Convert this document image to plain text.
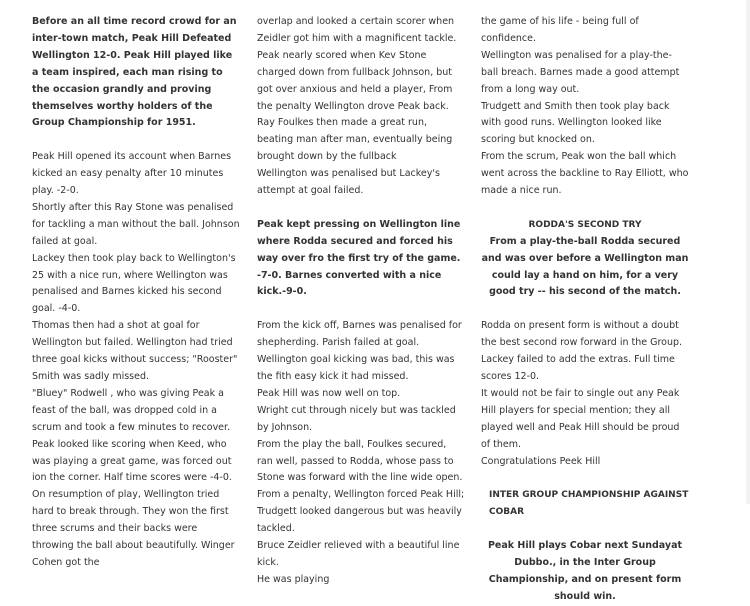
Before an all time record crowd for an inter-town match, Peak Hill Defeated Wellington 12-0. Peak Hill played like a team inspired, each man rising to the occasion grandly and proving themselves worthy holders of the Group Championship for 1951.

Peak Hill opened its account when Barnes kicked an easy penalty after 10 minutes play. -2-0.

Shortly after this Ray Stone was penalised for tackling a man without the ball. Johnson failed at goal.

Lackey then took play back to Wellington's 25 with a nice run, where Wellington was penalised and Barnes kicked his second goal. -4-0.

Thomas then had a shot at goal for Wellington but failed. Wellington had tried three goal kicks without success; "Rooster" Smith was sadly missed.

"Bluey" Rodwell , who was giving Peak a feast of the ball, was dropped cold in a scrum and took a few minutes to recover.

Peak looked like scoring when Keed, who was playing a great game, was forced out ion the corner. Half time scores were -4-0.

On resumption of play, Wellington tried hard to break through. They won the first three scrums and their backs were throwing the ball about beautifully. Winger Cohen got the

overlap and looked a certain scorer when Zeidler got him with a magnificent tackle.

Peak nearly scored when Kev Stone charged down from fullback Johnson, but got over anxious and held a player, From the penalty Wellington drove Peak back.

Ray Foulkes then made a great run, beating man after man, eventually being brought down by the fullback

Wellington was penalised but Lackey's attempt at goal failed.

Peak kept pressing on Wellington line where Rodda secured and forced his way over fro the first try of the game. -7-0. Barnes converted with a nice kick.-9-0.

From the kick off, Barnes was penalised for shepherding. Parish failed at goal.

Wellington goal kicking was bad, this was the fith easy kick it had missed.

Peak Hill was now well on top.

Wright cut through nicely but was tackled by Johnson.

From the play the ball, Foulkes secured, ran well, passed to Rodda, whose pass to Stone was forward with the line wide open.

From a penalty, Wellington forced Peak Hill;

Trudgett looked dangerous but was heavily tackled.

Bruce Zeidler relieved with a beautiful line kick.

He was playing

the game of his life - being full of confidence.

Wellington was penalised for a play-the-ball breach. Barnes made a good attempt from a long way out.

Trudgett and Smith then took play back with good runs. Wellington looked like scoring but knocked on.

From the scrum, Peak won the ball which went across the backline to Ray Elliott, who made a nice run.

RODDA'S SECOND TRY

From a play-the-ball Rodda secured and was over before a Wellington man could lay a hand on him, for a very good try -- his second of the match.

Rodda on present form is without a doubt the best second row forward in the Group. Lackey failed to add the extras. Full time scores 12-0.

It would not be fair to single out any Peak Hill players for special mention; they all played well and Peak Hill should be proud of them.

Congratulations Peek Hill

INTER GROUP CHAMPIONSHIP AGAINST COBAR

Peak Hill plays Cobar next Sundayat Dubbo., in the Inter Group Championship, and on present form should win.
